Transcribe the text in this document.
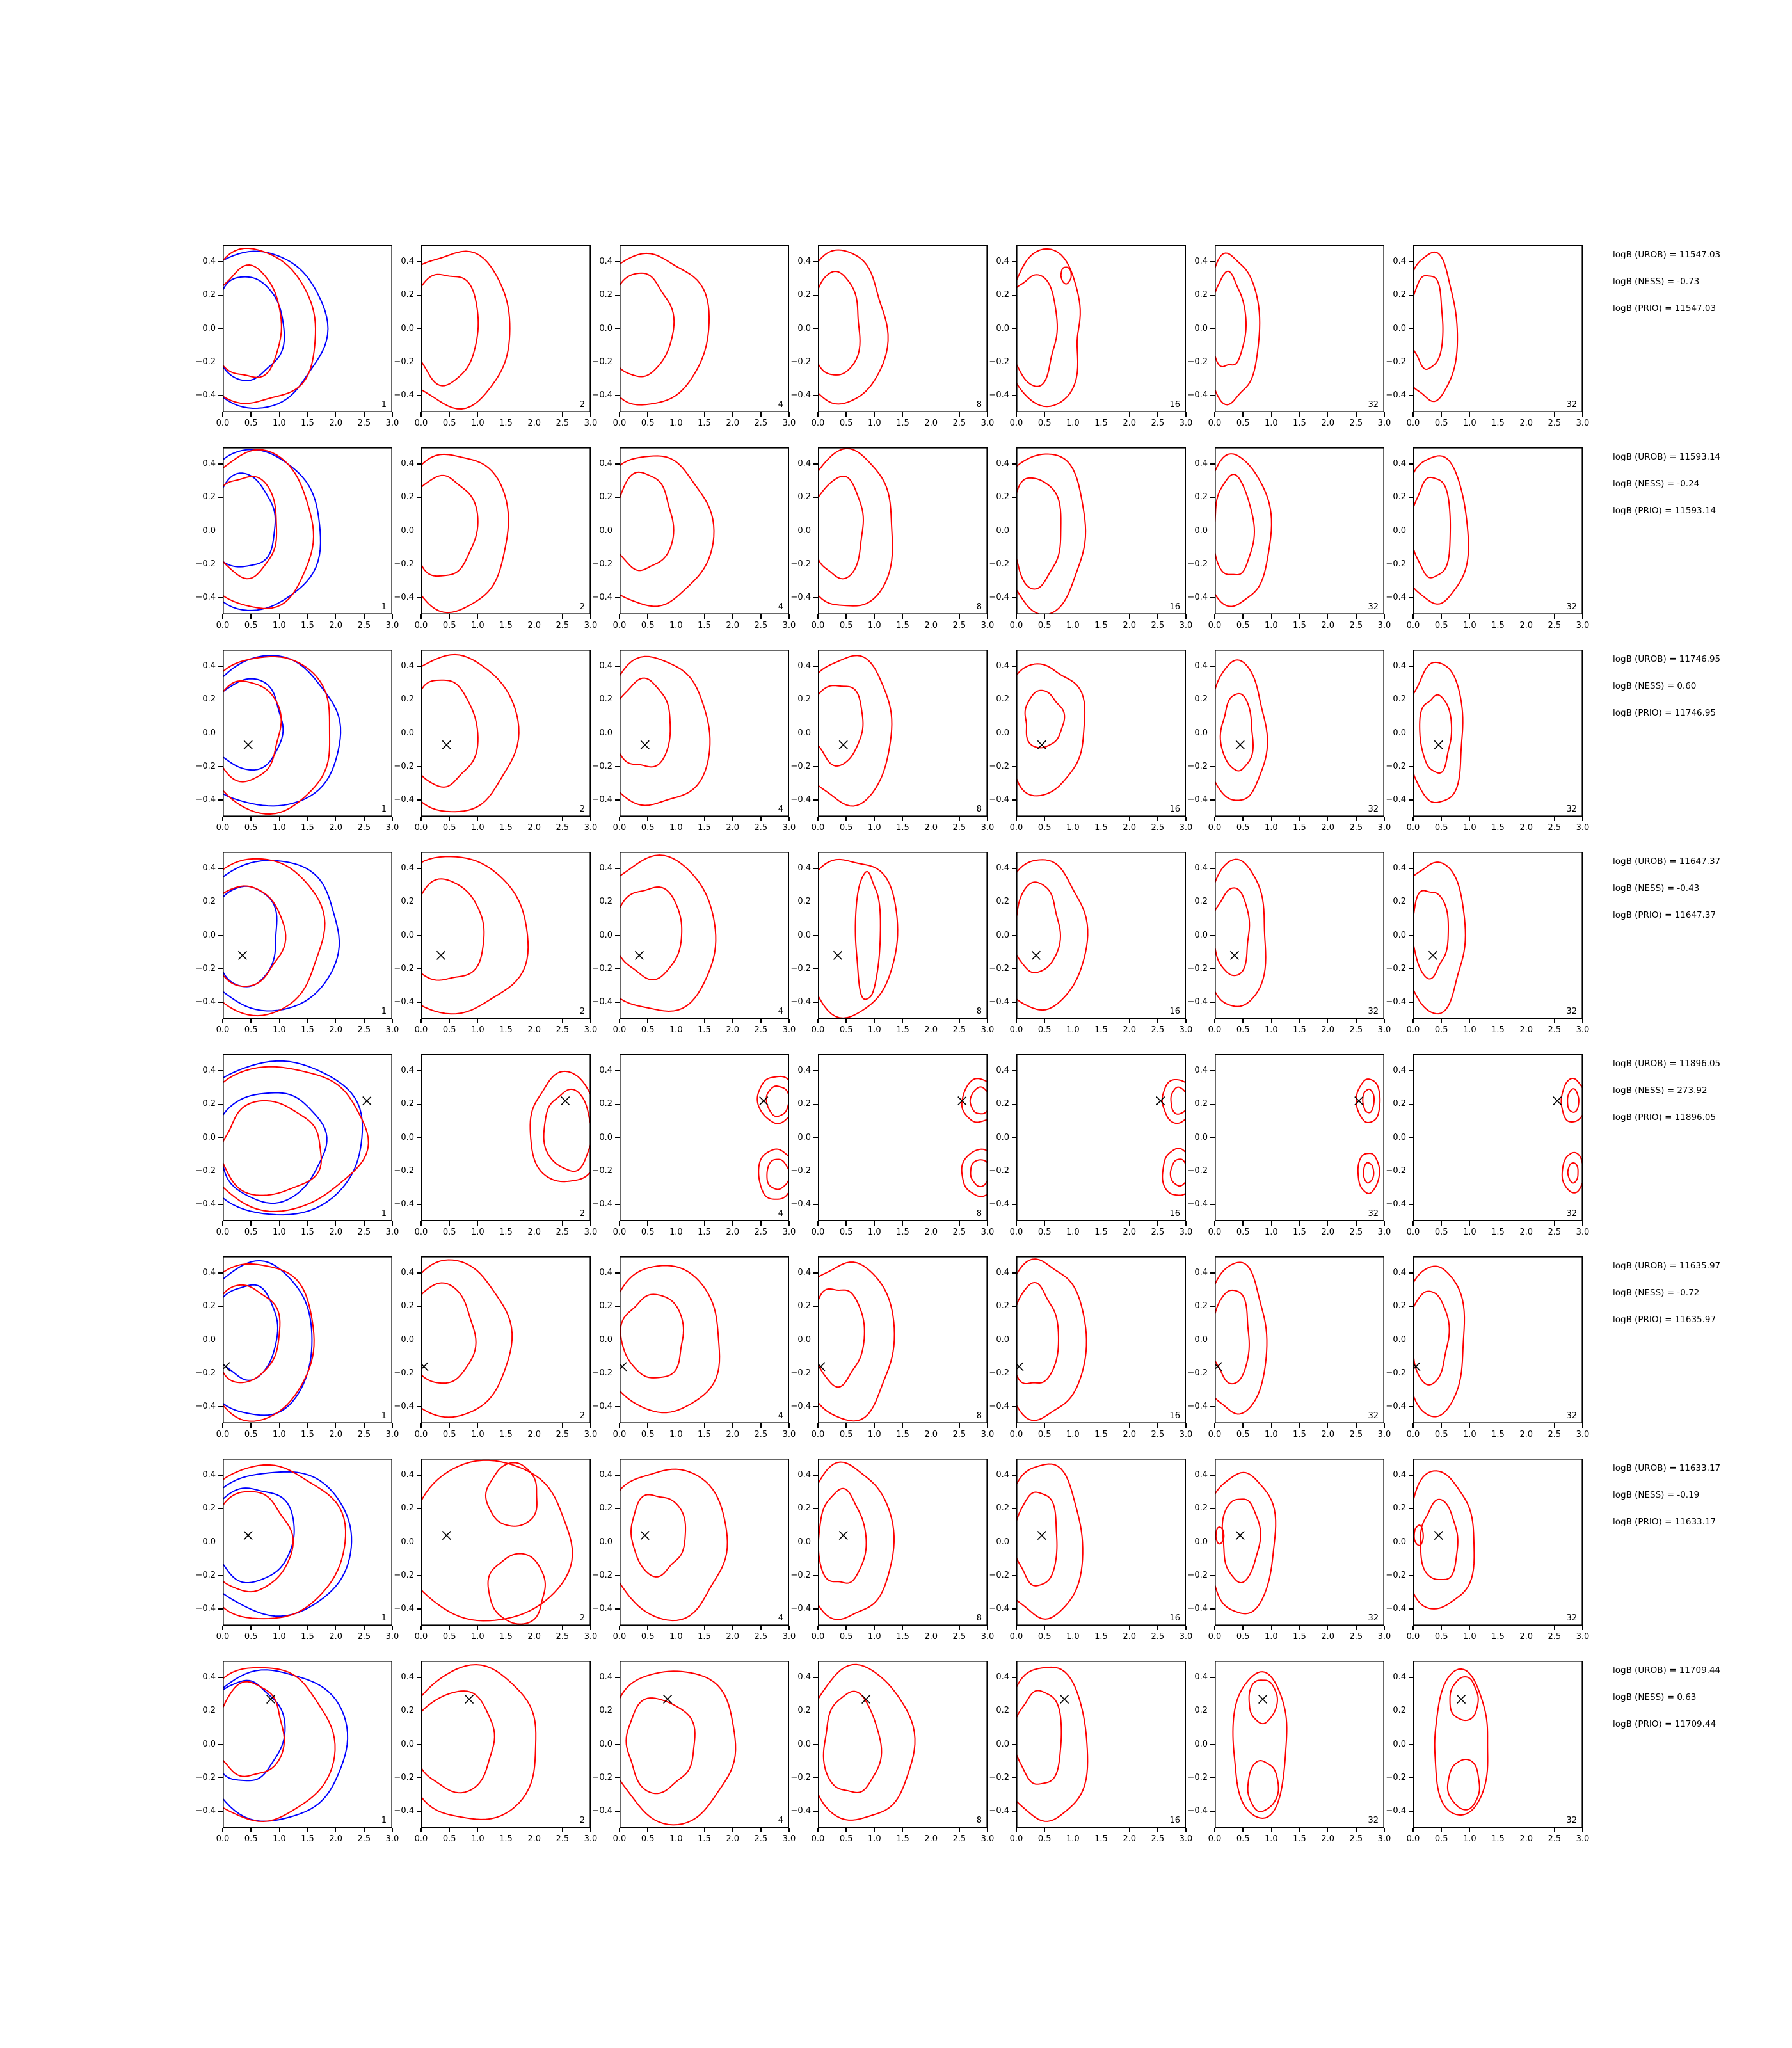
1
0.0 0.5 1.0 1.5 2.0 2.5 3.0
0.4
0.2
0.0
−0.2
−0.4
2
0.0 0.5 1.0 1.5 2.0 2.5 3.0
0.4
0.2
0.0
−0.2
−0.4
4
0.0 0.5 1.0 1.5 2.0 2.5 3.0
0.4
0.2
0.0
−0.2
−0.4
8
0.0 0.5 1.0 1.5 2.0 2.5 3.0
0.4
0.2
0.0
−0.2
−0.4
16
0.0 0.5 1.0 1.5 2.0 2.5 3.0
0.4
0.2
0.0
−0.2
−0.4
32
0.0 0.5 1.0 1.5 2.0 2.5 3.0
0.4
0.2
0.0
−0.2
−0.4
32
0.0 0.5 1.0 1.5 2.0 2.5 3.0
0.4
0.2
0.0
−0.2
−0.4
1
0.0 0.5 1.0 1.5 2.0 2.5 3.0
0.4
0.2
0.0
−0.2
−0.4
2
0.0 0.5 1.0 1.5 2.0 2.5 3.0
0.4
0.2
0.0
−0.2
−0.4
4
0.0 0.5 1.0 1.5 2.0 2.5 3.0
0.4
0.2
0.0
−0.2
−0.4
8
0.0 0.5 1.0 1.5 2.0 2.5 3.0
0.4
0.2
0.0
−0.2
−0.4
16
0.0 0.5 1.0 1.5 2.0 2.5 3.0
0.4
0.2
0.0
−0.2
−0.4
32
0.0 0.5 1.0 1.5 2.0 2.5 3.0
0.4
0.2
0.0
−0.2
−0.4
32
0.0 0.5 1.0 1.5 2.0 2.5 3.0
0.4
0.2
0.0
−0.2
−0.4
1
0.0 0.5 1.0 1.5 2.0 2.5 3.0
0.4
0.2
0.0
−0.2
−0.4
2
0.0 0.5 1.0 1.5 2.0 2.5 3.0
0.4
0.2
0.0
−0.2
−0.4
4
0.0 0.5 1.0 1.5 2.0 2.5 3.0
0.4
0.2
0.0
−0.2
−0.4
8
0.0 0.5 1.0 1.5 2.0 2.5 3.0
0.4
0.2
0.0
−0.2
−0.4
16
0.0 0.5 1.0 1.5 2.0 2.5 3.0
0.4
0.2
0.0
−0.2
−0.4
32
0.0 0.5 1.0 1.5 2.0 2.5 3.0
0.4
0.2
0.0
−0.2
−0.4
32
0.0 0.5 1.0 1.5 2.0 2.5 3.0
0.4
0.2
0.0
−0.2
−0.4
1
0.0 0.5 1.0 1.5 2.0 2.5 3.0
0.4
0.2
0.0
−0.2
−0.4
2
0.0 0.5 1.0 1.5 2.0 2.5 3.0
0.4
0.2
0.0
−0.2
−0.4
4
0.0 0.5 1.0 1.5 2.0 2.5 3.0
0.4
0.2
0.0
−0.2
−0.4
8
0.0 0.5 1.0 1.5 2.0 2.5 3.0
0.4
0.2
0.0
−0.2
−0.4
16
0.0 0.5 1.0 1.5 2.0 2.5 3.0
0.4
0.2
0.0
−0.2
−0.4
32
0.0 0.5 1.0 1.5 2.0 2.5 3.0
0.4
0.2
0.0
−0.2
−0.4
32
0.0 0.5 1.0 1.5 2.0 2.5 3.0
0.4
0.2
0.0
−0.2
−0.4
1
0.0 0.5 1.0 1.5 2.0 2.5 3.0
0.4
0.2
0.0
−0.2
−0.4
2
0.0 0.5 1.0 1.5 2.0 2.5 3.0
0.4
0.2
0.0
−0.2
−0.4
4
0.0 0.5 1.0 1.5 2.0 2.5 3.0
0.4
0.2
0.0
−0.2
−0.4
8
0.0 0.5 1.0 1.5 2.0 2.5 3.0
0.4
0.2
0.0
−0.2
−0.4
16
0.0 0.5 1.0 1.5 2.0 2.5 3.0
0.4
0.2
0.0
−0.2
−0.4
32
0.0 0.5 1.0 1.5 2.0 2.5 3.0
0.4
0.2
0.0
−0.2
−0.4
32
0.0 0.5 1.0 1.5 2.0 2.5 3.0
0.4
0.2
0.0
−0.2
−0.4
1
0.0 0.5 1.0 1.5 2.0 2.5 3.0
0.4
0.2
0.0
−0.2
−0.4
2
0.0 0.5 1.0 1.5 2.0 2.5 3.0
0.4
0.2
0.0
−0.2
−0.4
4
0.0 0.5 1.0 1.5 2.0 2.5 3.0
0.4
0.2
0.0
−0.2
−0.4
8
0.0 0.5 1.0 1.5 2.0 2.5 3.0
0.4
0.2
0.0
−0.2
−0.4
16
0.0 0.5 1.0 1.5 2.0 2.5 3.0
0.4
0.2
0.0
−0.2
−0.4
32
0.0 0.5 1.0 1.5 2.0 2.5 3.0
0.4
0.2
0.0
−0.2
−0.4
32
0.0 0.5 1.0 1.5 2.0 2.5 3.0
0.4
0.2
0.0
−0.2
−0.4
1
0.0 0.5 1.0 1.5 2.0 2.5 3.0
0.4
0.2
0.0
−0.2
−0.4
2
0.0 0.5 1.0 1.5 2.0 2.5 3.0
0.4
0.2
0.0
−0.2
−0.4
4
0.0 0.5 1.0 1.5 2.0 2.5 3.0
0.4
0.2
0.0
−0.2
−0.4
8
0.0 0.5 1.0 1.5 2.0 2.5 3.0
0.4
0.2
0.0
−0.2
−0.4
16
0.0 0.5 1.0 1.5 2.0 2.5 3.0
0.4
0.2
0.0
−0.2
−0.4
32
0.0 0.5 1.0 1.5 2.0 2.5 3.0
0.4
0.2
0.0
−0.2
−0.4
32
0.0 0.5 1.0 1.5 2.0 2.5 3.0
0.4
0.2
0.0
−0.2
−0.4
1
0.0 0.5 1.0 1.5 2.0 2.5 3.0
0.4
0.2
0.0
−0.2
−0.4
2
0.0 0.5 1.0 1.5 2.0 2.5 3.0
0.4
0.2
0.0
−0.2
−0.4
4
0.0 0.5 1.0 1.5 2.0 2.5 3.0
0.4
0.2
0.0
−0.2
−0.4
8
0.0 0.5 1.0 1.5 2.0 2.5 3.0
0.4
0.2
0.0
−0.2
−0.4
16
0.0 0.5 1.0 1.5 2.0 2.5 3.0
0.4
0.2
0.0
−0.2
−0.4
32
0.0 0.5 1.0 1.5 2.0 2.5 3.0
0.4
0.2
0.0
−0.2
−0.4
32
0.0 0.5 1.0 1.5 2.0 2.5 3.0
0.4
0.2
0.0
−0.2
−0.4
logB (UROB) = 11547.03
logB (NESS) = -0.73
logB (PRIO) = 11547.03
logB (UROB) = 11593.14
logB (NESS) = -0.24
logB (PRIO) = 11593.14
logB (UROB) = 11746.95
logB (NESS) = 0.60
logB (PRIO) = 11746.95
logB (UROB) = 11647.37
logB (NESS) = -0.43
logB (PRIO) = 11647.37
logB (UROB) = 11896.05
logB (NESS) = 273.92
logB (PRIO) = 11896.05
logB (UROB) = 11635.97
logB (NESS) = -0.72
logB (PRIO) = 11635.97
logB (UROB) = 11633.17
logB (NESS) = -0.19
logB (PRIO) = 11633.17
logB (UROB) = 11709.44
logB (NESS) = 0.63
logB (PRIO) = 11709.44
